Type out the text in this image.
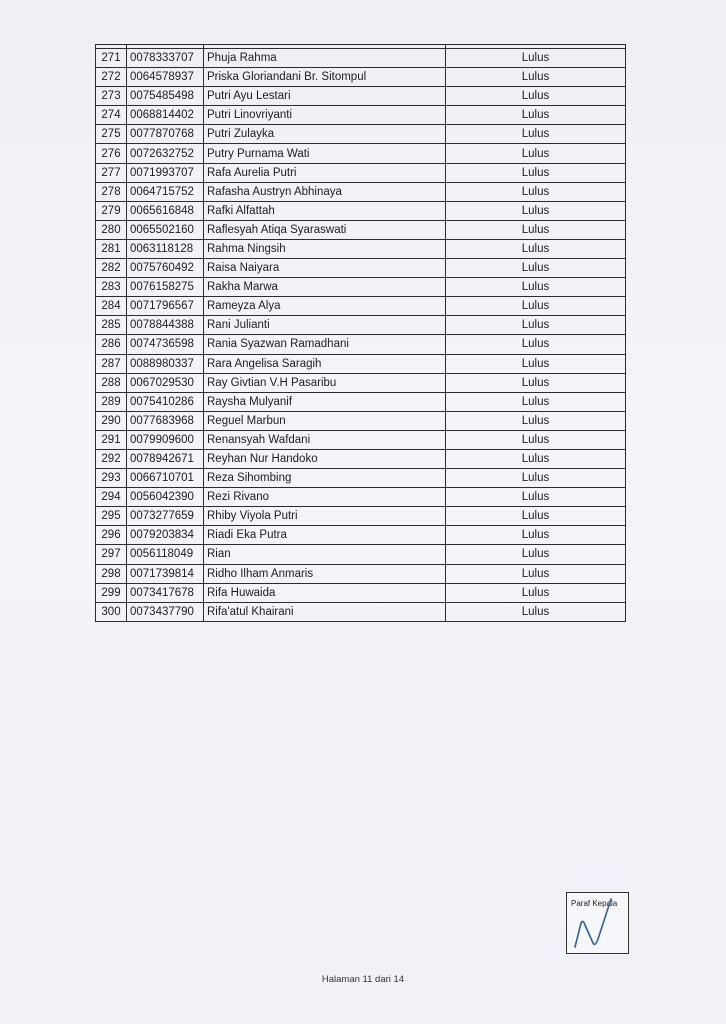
271	0078333707	Phuja Rahma	Lulus
272	0064578937	Priska Gloriandani Br. Sitompul	Lulus
273	0075485498	Putri Ayu Lestari	Lulus
274	0068814402	Putri Linovriyanti	Lulus
275	0077870768	Putri Zulayka	Lulus
276	0072632752	Putry Purnama Wati	Lulus
277	0071993707	Rafa Aurelia Putri	Lulus
278	0064715752	Rafasha Austryn Abhinaya	Lulus
279	0065616848	Rafki Alfattah	Lulus
280	0065502160	Raflesyah Atiqa Syaraswati	Lulus
281	0063118128	Rahma Ningsih	Lulus
282	0075760492	Raisa Naiyara	Lulus
283	0076158275	Rakha Marwa	Lulus
284	0071796567	Rameyza Alya	Lulus
285	0078844388	Rani Julianti	Lulus
286	0074736598	Rania Syazwan Ramadhani	Lulus
287	0088980337	Rara Angelisa Saragih	Lulus
288	0067029530	Ray Givtian V.H Pasaribu	Lulus
289	0075410286	Raysha Mulyanif	Lulus
290	0077683968	Reguel Marbun	Lulus
291	0079909600	Renansyah Wafdani	Lulus
292	0078942671	Reyhan Nur Handoko	Lulus
293	0066710701	Reza Sihombing	Lulus
294	0056042390	Rezi Rivano	Lulus
295	0073277659	Rhiby Viyola Putri	Lulus
296	0079203834	Riadi Eka Putra	Lulus
297	0056118049	Rian	Lulus
298	0071739814	Ridho Ilham Anmaris	Lulus
299	0073417678	Rifa Huwaida	Lulus
300	0073437790	Rifa'atul Khairani	Lulus
Paraf Kepala
Halaman 11 dari 14
